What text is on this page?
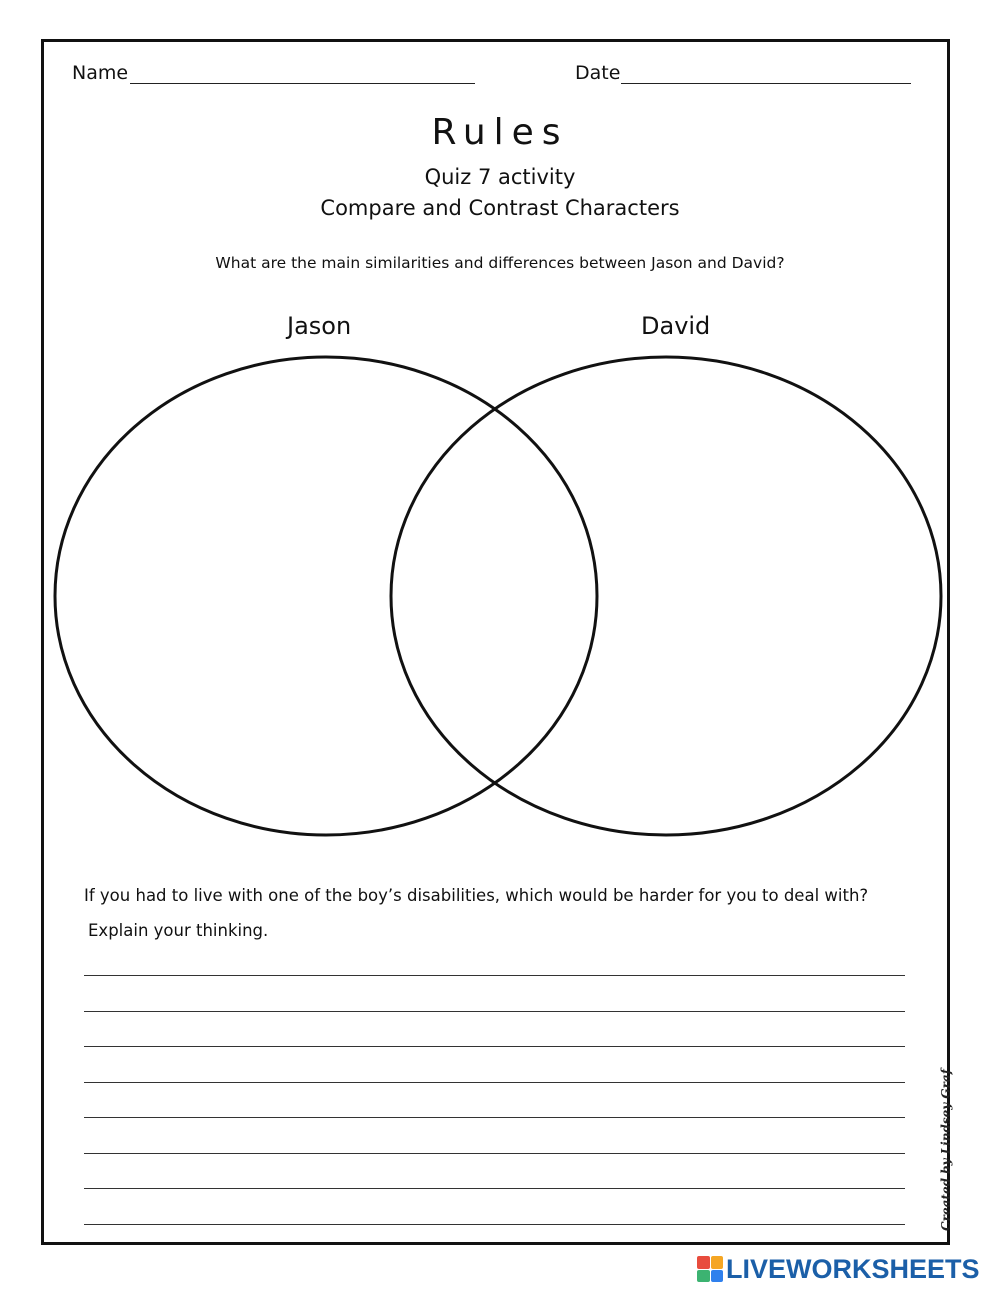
Name	Date
Rules
Quiz 7 activity
Compare and Contrast Characters
What are the main similarities and differences between Jason and David?
Jason	David
If you had to live with one of the boy’s disabilities, which would be harder for you to deal with?
Explain your thinking.
Created by Lindsey Graf
LIVEWORKSHEETS
